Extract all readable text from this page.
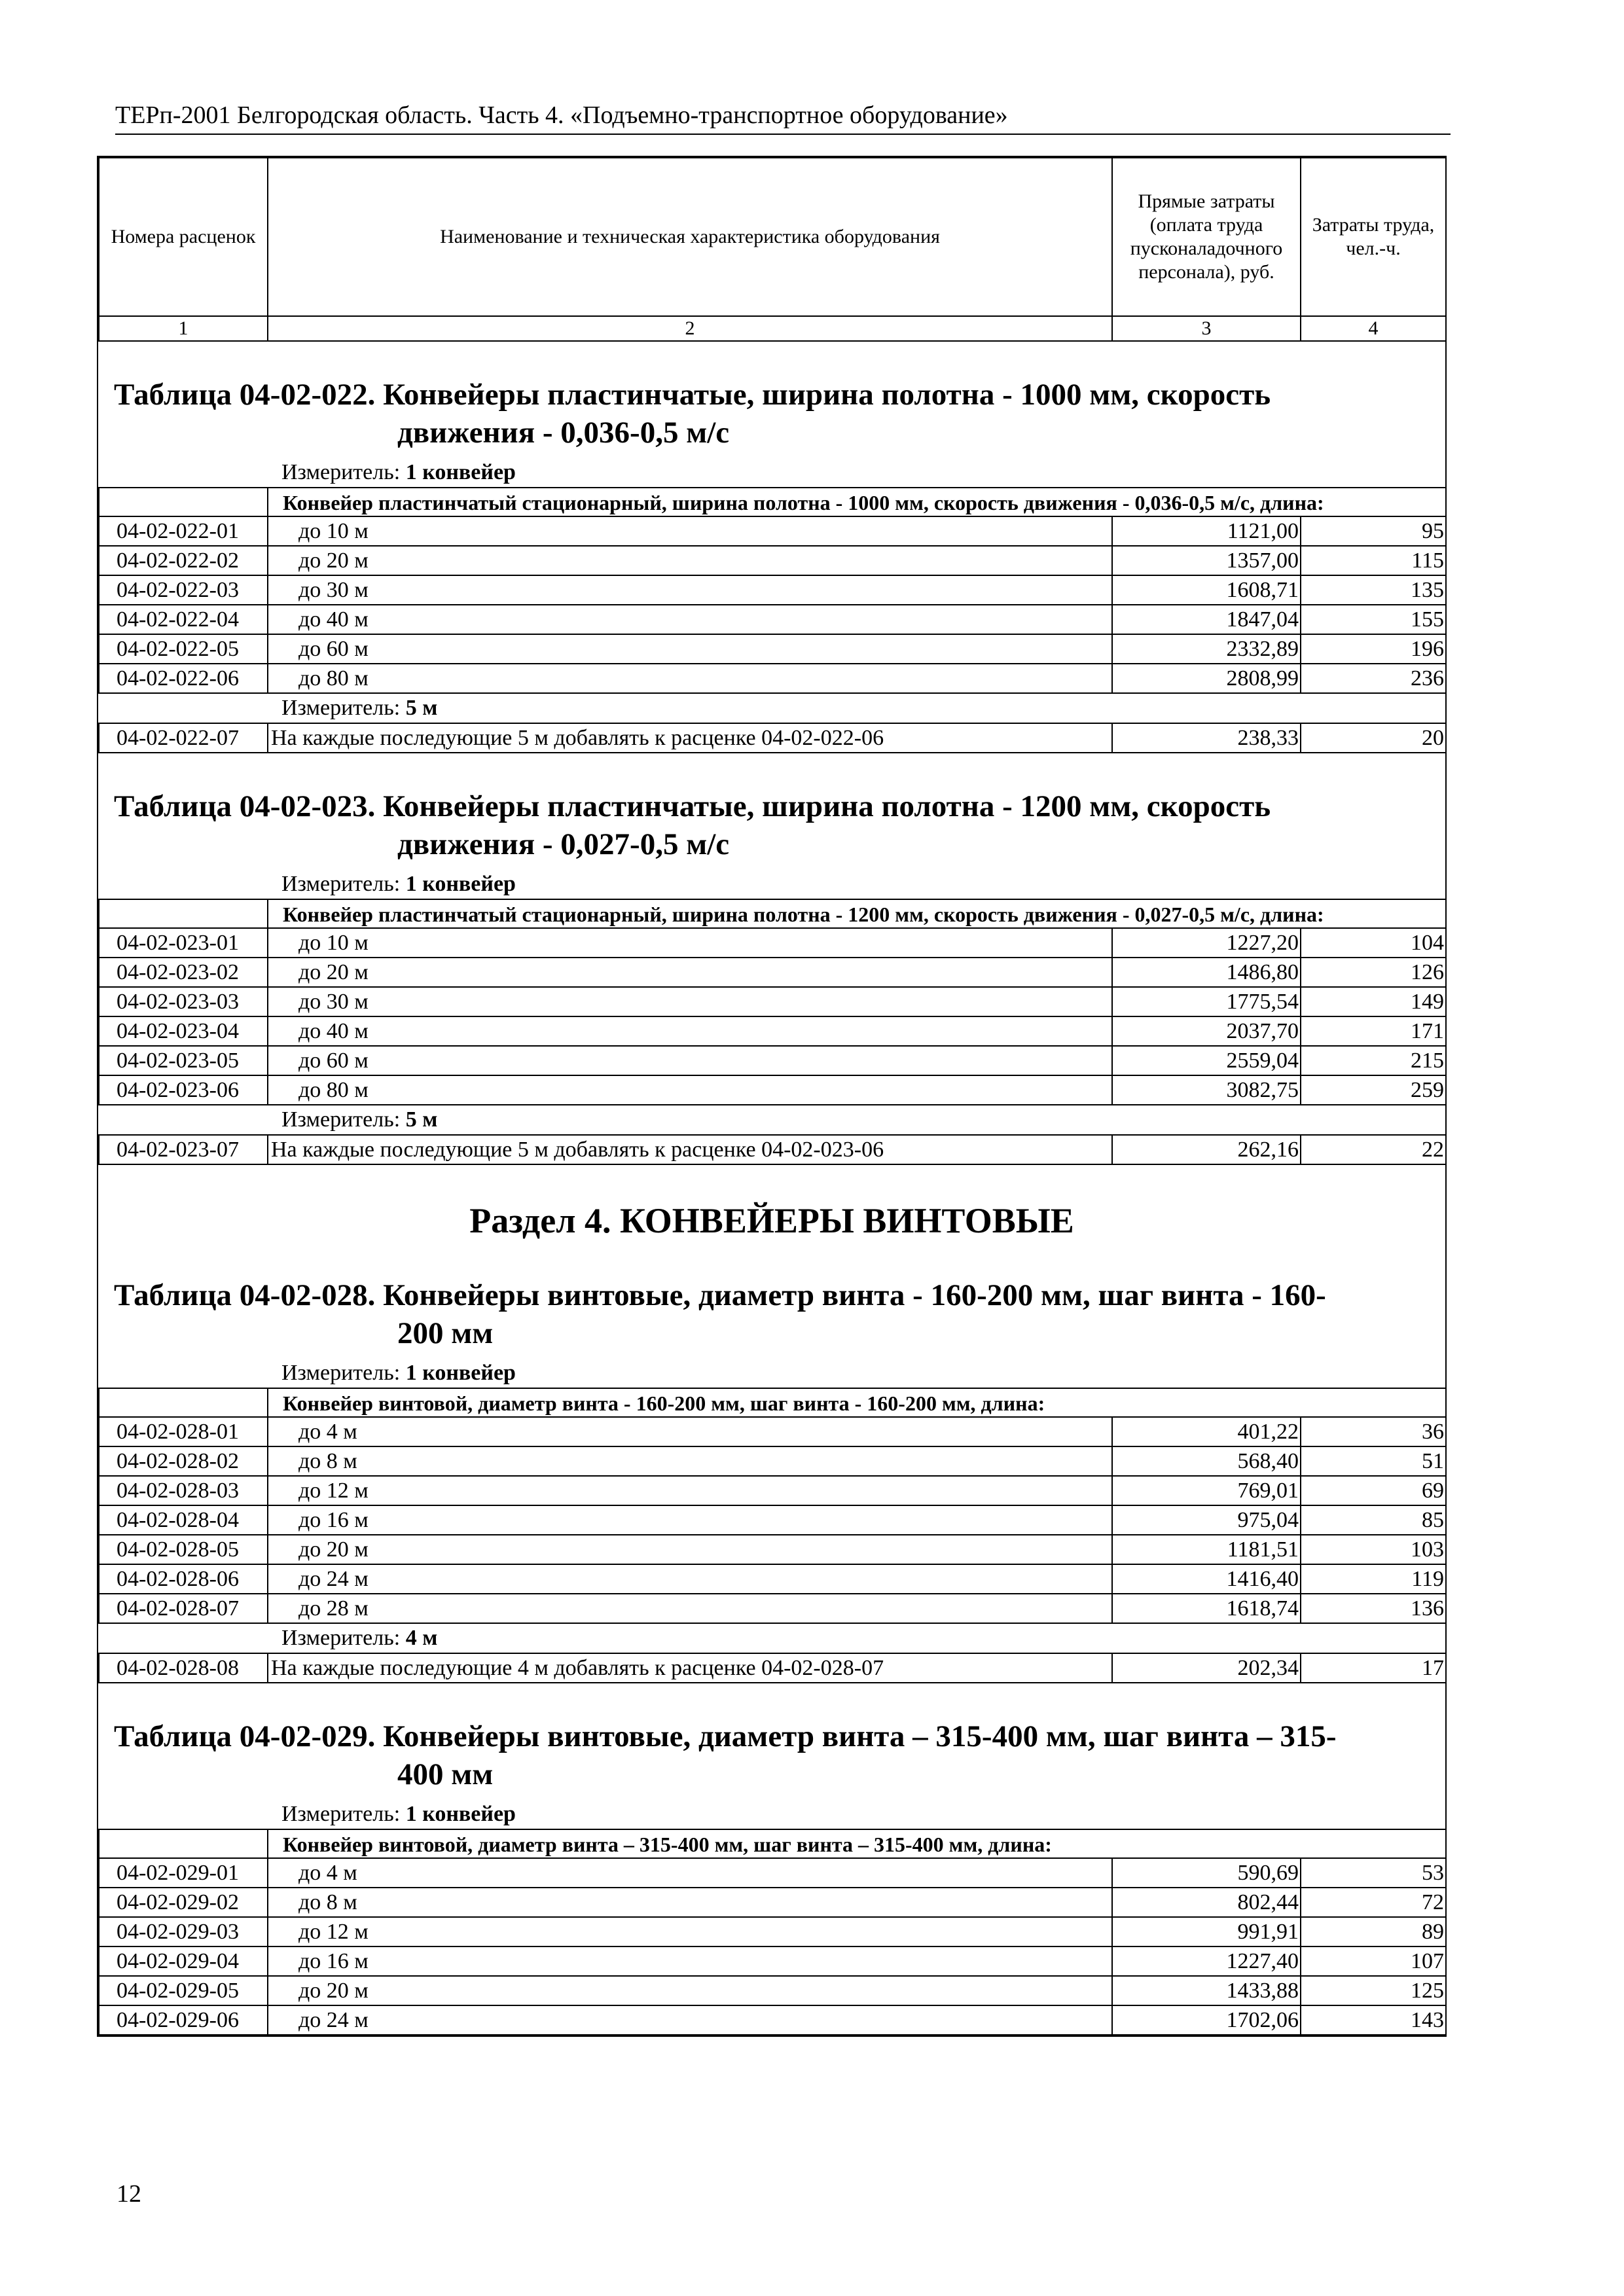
ТЕРп-2001 Белгородская область. Часть 4. «Подъемно-транспортное оборудование»
Номера расценок	Наименование и техническая характеристика оборудования	Прямые затраты (оплата труда пусконаладочного персонала), руб.	Затраты труда, чел.-ч.
1	2	3	4
Таблица 04-02-022. Конвейеры пластинчатые, ширина полотна - 1000 мм, скорость
движения - 0,036-0,5 м/с
Измеритель: 1 конвейер
	Конвейер пластинчатый стационарный, ширина полотна - 1000 мм, скорость движения - 0,036-0,5 м/с, длина:		
04-02-022-01	до 10 м	1121,00	95
04-02-022-02	до 20 м	1357,00	115
04-02-022-03	до 30 м	1608,71	135
04-02-022-04	до 40 м	1847,04	155
04-02-022-05	до 60 м	2332,89	196
04-02-022-06	до 80 м	2808,99	236
Измеритель: 5 м
04-02-022-07	На каждые последующие 5 м добавлять к расценке 04-02-022-06	238,33	20
Таблица 04-02-023. Конвейеры пластинчатые, ширина полотна - 1200 мм, скорость
движения - 0,027-0,5 м/с
Измеритель: 1 конвейер
	Конвейер пластинчатый стационарный, ширина полотна - 1200 мм, скорость движения - 0,027-0,5 м/с, длина:		
04-02-023-01	до 10 м	1227,20	104
04-02-023-02	до 20 м	1486,80	126
04-02-023-03	до 30 м	1775,54	149
04-02-023-04	до 40 м	2037,70	171
04-02-023-05	до 60 м	2559,04	215
04-02-023-06	до 80 м	3082,75	259
Измеритель: 5 м
04-02-023-07	На каждые последующие 5 м добавлять к расценке 04-02-023-06	262,16	22
Раздел 4. КОНВЕЙЕРЫ ВИНТОВЫЕ
Таблица 04-02-028. Конвейеры винтовые, диаметр винта - 160-200 мм, шаг винта - 160-
200 мм
Измеритель: 1 конвейер
	Конвейер винтовой, диаметр винта - 160-200 мм, шаг винта - 160-200 мм, длина:		
04-02-028-01	до 4 м	401,22	36
04-02-028-02	до 8 м	568,40	51
04-02-028-03	до 12 м	769,01	69
04-02-028-04	до 16 м	975,04	85
04-02-028-05	до 20 м	1181,51	103
04-02-028-06	до 24 м	1416,40	119
04-02-028-07	до 28 м	1618,74	136
Измеритель: 4 м
04-02-028-08	На каждые последующие 4 м добавлять к расценке 04-02-028-07	202,34	17
Таблица 04-02-029. Конвейеры винтовые, диаметр винта – 315-400 мм, шаг винта – 315-
400 мм
Измеритель: 1 конвейер
	Конвейер винтовой, диаметр винта – 315-400 мм, шаг винта – 315-400 мм, длина:		
04-02-029-01	до 4 м	590,69	53
04-02-029-02	до 8 м	802,44	72
04-02-029-03	до 12 м	991,91	89
04-02-029-04	до 16 м	1227,40	107
04-02-029-05	до 20 м	1433,88	125
04-02-029-06	до 24 м	1702,06	143
12
